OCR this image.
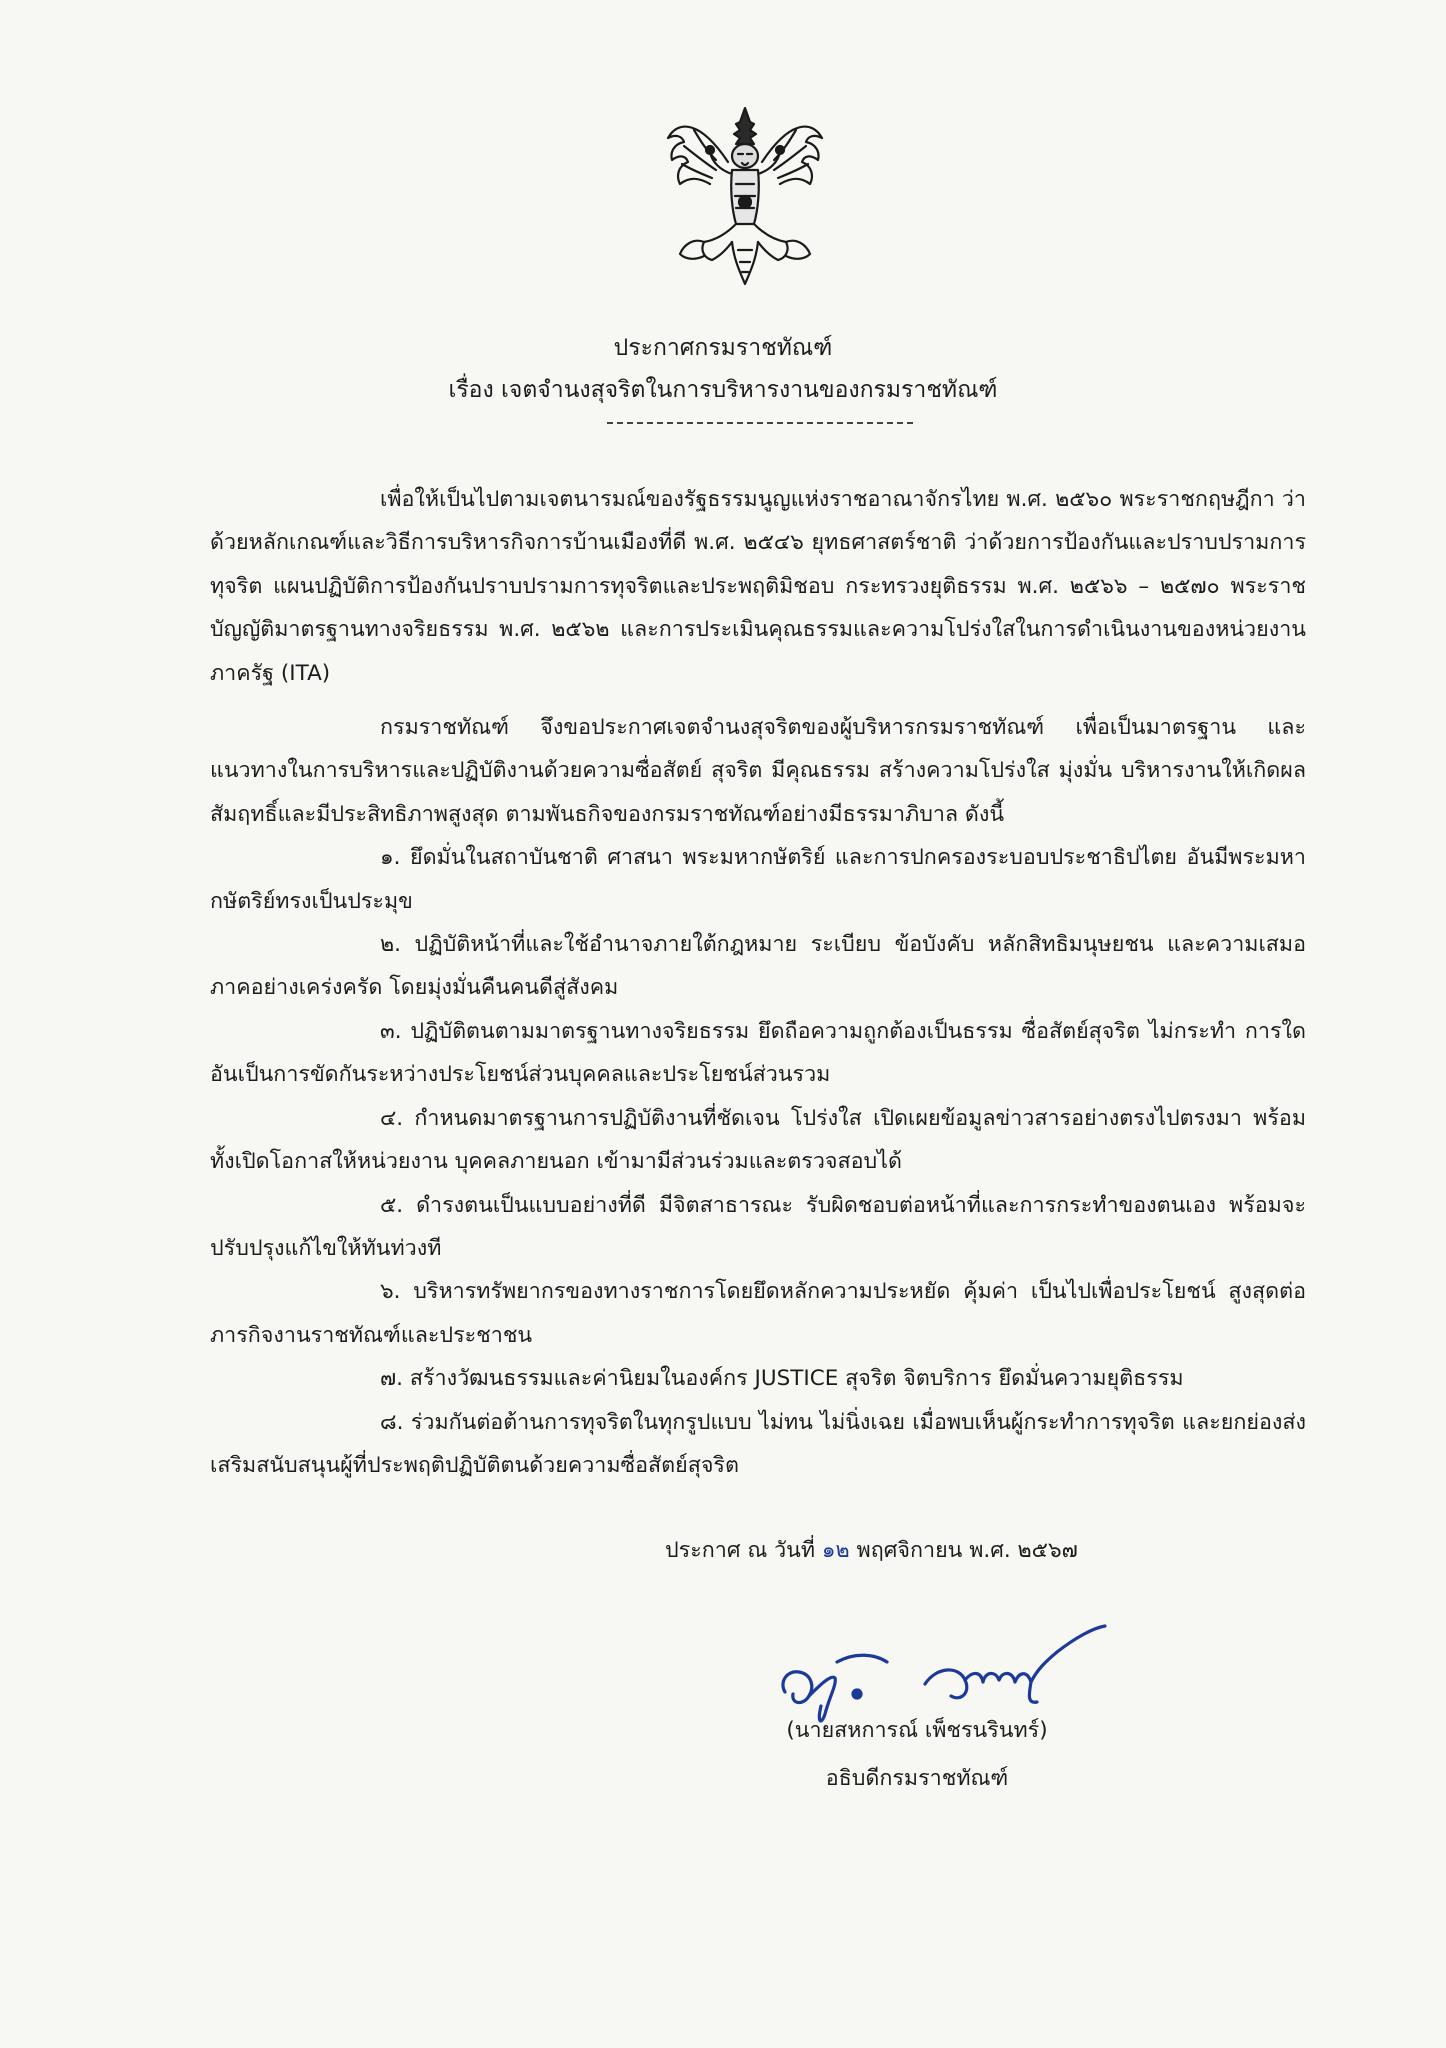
ประกาศกรมราชทัณฑ์
เรื่อง เจตจำนงสุจริตในการบริหารงานของกรมราชทัณฑ์

เพื่อให้เป็นไปตามเจตนารมณ์ของรัฐธรรมนูญแห่งราชอาณาจักรไทย พ.ศ. ๒๕๖๐ พระราชกฤษฎีกา ว่าด้วยหลักเกณฑ์และวิธีการบริหารกิจการบ้านเมืองที่ดี พ.ศ. ๒๕๔๖ ยุทธศาสตร์ชาติ ว่าด้วยการป้องกันและปราบปรามการทุจริต แผนปฏิบัติการป้องกันปราบปรามการทุจริตและประพฤติมิชอบ กระทรวงยุติธรรม พ.ศ. ๒๕๖๖ – ๒๕๗๐ พระราชบัญญัติมาตรฐานทางจริยธรรม พ.ศ. ๒๕๖๒ และการประเมินคุณธรรมและความโปร่งใสในการดำเนินงานของหน่วยงานภาครัฐ (ITA)

กรมราชทัณฑ์ จึงขอประกาศเจตจำนงสุจริตของผู้บริหารกรมราชทัณฑ์ เพื่อเป็นมาตรฐาน และแนวทางในการบริหารและปฏิบัติงานด้วยความซื่อสัตย์ สุจริต มีคุณธรรม สร้างความโปร่งใส มุ่งมั่น บริหารงานให้เกิดผลสัมฤทธิ์และมีประสิทธิภาพสูงสุด ตามพันธกิจของกรมราชทัณฑ์อย่างมีธรรมาภิบาล ดังนี้

๑. ยึดมั่นในสถาบันชาติ ศาสนา พระมหากษัตริย์ และการปกครองระบอบประชาธิปไตย อันมีพระมหากษัตริย์ทรงเป็นประมุข

๒. ปฏิบัติหน้าที่และใช้อำนาจภายใต้กฎหมาย ระเบียบ ข้อบังคับ หลักสิทธิมนุษยชน และความเสมอภาคอย่างเคร่งครัด โดยมุ่งมั่นคืนคนดีสู่สังคม

๓. ปฏิบัติตนตามมาตรฐานทางจริยธรรม ยึดถือความถูกต้องเป็นธรรม ซื่อสัตย์สุจริต ไม่กระทำ การใดอันเป็นการขัดกันระหว่างประโยชน์ส่วนบุคคลและประโยชน์ส่วนรวม

๔. กำหนดมาตรฐานการปฏิบัติงานที่ชัดเจน โปร่งใส เปิดเผยข้อมูลข่าวสารอย่างตรงไปตรงมา พร้อมทั้งเปิดโอกาสให้หน่วยงาน บุคคลภายนอก เข้ามามีส่วนร่วมและตรวจสอบได้

๕. ดำรงตนเป็นแบบอย่างที่ดี มีจิตสาธารณะ รับผิดชอบต่อหน้าที่และการกระทำของตนเอง พร้อมจะปรับปรุงแก้ไขให้ทันท่วงที

๖. บริหารทรัพยากรของทางราชการโดยยึดหลักความประหยัด คุ้มค่า เป็นไปเพื่อประโยชน์ สูงสุดต่อภารกิจงานราชทัณฑ์และประชาชน

๗. สร้างวัฒนธรรมและค่านิยมในองค์กร JUSTICE สุจริต จิตบริการ ยึดมั่นความยุติธรรม

๘. ร่วมกันต่อต้านการทุจริตในทุกรูปแบบ ไม่ทน ไม่นิ่งเฉย เมื่อพบเห็นผู้กระทำการทุจริต และยกย่องส่งเสริมสนับสนุนผู้ที่ประพฤติปฏิบัติตนด้วยความซื่อสัตย์สุจริต

ประกาศ ณ วันที่ ๑๒ พฤศจิกายน พ.ศ. ๒๕๖๗
(นายสหการณ์ เพ็ชรนรินทร์)
อธิบดีกรมราชทัณฑ์
